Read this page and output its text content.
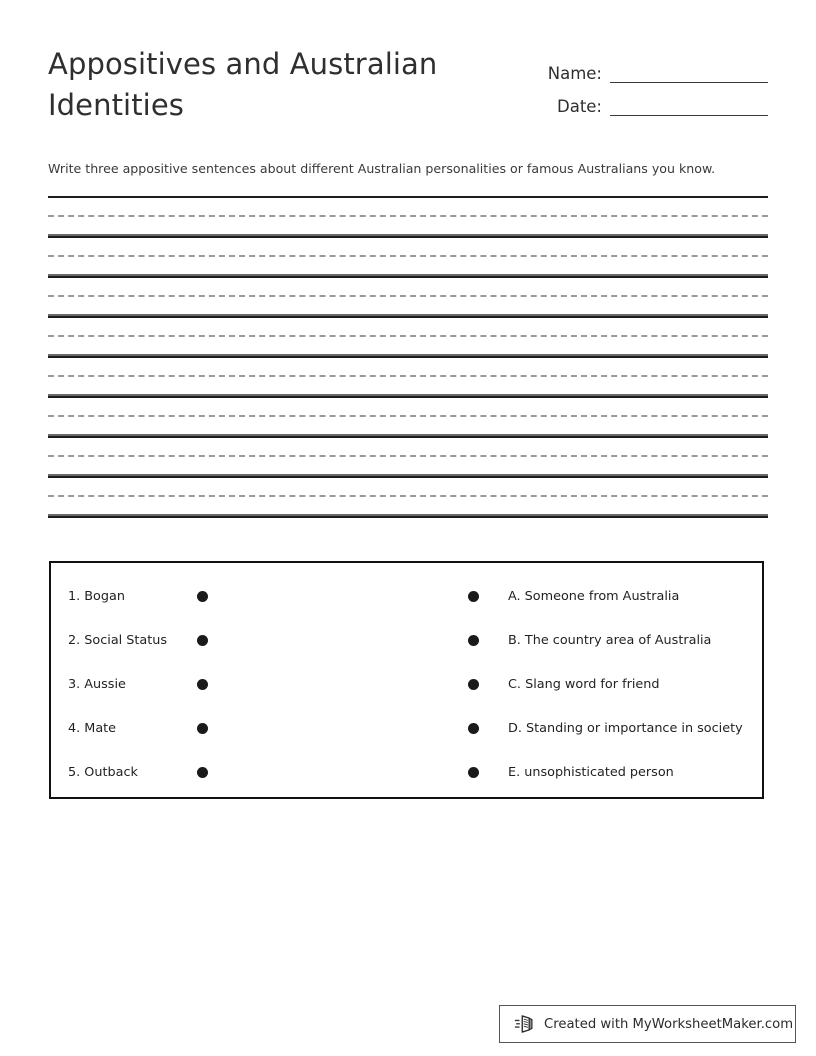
Appositives and Australian Identities
Name:
Date:
Write three appositive sentences about different Australian personalities or famous Australians you know.
1. Bogan	A. Someone from Australia
2. Social Status	B. The country area of Australia
3. Aussie	C. Slang word for friend
4. Mate	D. Standing or importance in society
5. Outback	E. unsophisticated person
Created with MyWorksheetMaker.com
